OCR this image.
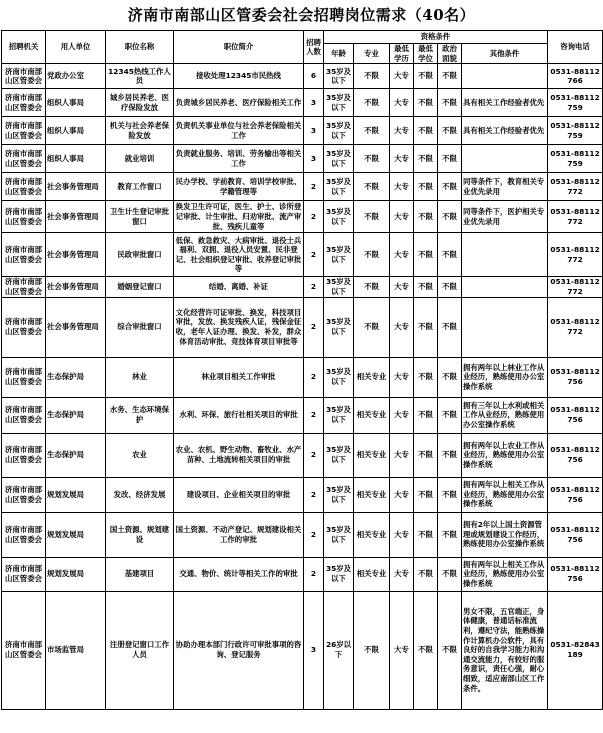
济南市南部山区管委会社会招聘岗位需求（40名）
招聘机关	用人单位	职位名称	职位简介	招聘人数	资格条件						咨询电话
					年龄	专业	最低学历	最低学位	政治面貌	其他条件	
济南市南部山区管委会	党政办公室	12345热线工作人员	接收处理12345市民热线	6	35岁及以下	不限	大专	不限	不限		0531-88112766
济南市南部山区管委会	组织人事局	城乡居民养老、医疗保险发放	负责城乡居民养老、医疗保险相关工作	3	35岁及以下	不限	大专	不限	不限	具有相关工作经验者优先	0531-88112759
济南市南部山区管委会	组织人事局	机关与社会养老保险发放	负责机关事业单位与社会养老保险相关工作	3	35岁及以下	不限	大专	不限	不限	具有相关工作经验者优先	0531-88112759
济南市南部山区管委会	组织人事局	就业培训	负责就业服务、培训、劳务输出等相关工作	3	35岁及以下	不限	大专	不限	不限		0531-88112759
济南市南部山区管委会	社会事务管理局	教育工作窗口	民办学校、学前教育、培训学校审批、学籍管理等	2	35岁及以下	不限	大专	不限	不限	同等条件下，教育相关专业优先录用	0531-88112772
济南市南部山区管委会	社会事务管理局	卫生计生登记审批窗口	换发卫生许可证，医生、护士、诊所登记审批、计生审批、归劝审批、流产审批、残疾儿童等	2	35岁及以下	不限	大专	不限	不限	同等条件下，医护相关专业优先录用	0531-88112772
济南市南部山区管委会	社会事务管理局	民政审批窗口	低保、救急救灾、大病审批、退役士兵福利、双拥、退役人员安置、民非登记、社会组织登记审批、收养登记审批等	2	35岁及以下	不限	大专	不限	不限		0531-88112772
济南市南部山区管委会	社会事务管理局	婚姻登记窗口	结婚、离婚、补证	2	35岁及以下	不限	大专	不限	不限		0531-88112772
济南市南部山区管委会	社会事务管理局	综合审批窗口	文化经营许可证审批、换发，科技项目审批，发放、换发残疾人证，残保金征收，老年人证办理、换发、补发，群众体育活动审批、竞技体育项目审批等	2	35岁及以下	不限	大专	不限	不限		0531-88112772
济南市南部山区管委会	生态保护局	林业	林业项目相关工作审批	2	35岁及以下	相关专业	大专	不限	不限	拥有两年以上林业工作从业经历，熟练使用办公室操作系统	0531-88112756
济南市南部山区管委会	生态保护局	水务、生态环境保护	水利、环保、旅行社相关项目的审批	2	35岁及以下	相关专业	大专	不限	不限	拥有三年以上水利或相关工作从业经历，熟练使用办公室操作系统	0531-88112756
济南市南部山区管委会	生态保护局	农业	农业、农机、野生动物、畜牧业、水产苗种、土地流转相关项目的审批	2	35岁及以下	相关专业	大专	不限	不限	拥有两年以上农业工作从业经历，熟练使用办公室操作系统	0531-88112756
济南市南部山区管委会	规划发展局	发改、经济发展	建设项目、企业相关项目的审批	2	35岁及以下	相关专业	大专	不限	不限	拥有两年以上相关工作从业经历，熟练使用办公室操作系统	0531-88112756
济南市南部山区管委会	规划发展局	国土资源、规划建设	国土资源、不动产登记、规划建设相关工作的审批	2	35岁及以下	相关专业	大专	不限	不限	拥有2年以上国土资源管理或规划建设工作经历，熟练使用办公室操作系统	0531-88112756
济南市南部山区管委会	规划发展局	基建项目	交通、物价、统计等相关工作的审批	2	35岁及以下	相关专业	大专	不限	不限	拥有两年以上相关工作从业经历，熟练使用办公室操作系统	0531-88112756
济南市南部山区管委会	市场监管局	注册登记窗口工作人员	协助办理本部门行政许可审批事项的咨询、登记服务	3	26岁以下	不限	大专	不限	不限	男女不限，五官端正，身体健康，普通话标准流利，遵纪守法，能熟练操作计算机办公软件，具有良好的自我学习能力和沟通交流能力，有较好的服务意识，责任心强，耐心细致，适应南部山区工作条件。	0531-82843189
